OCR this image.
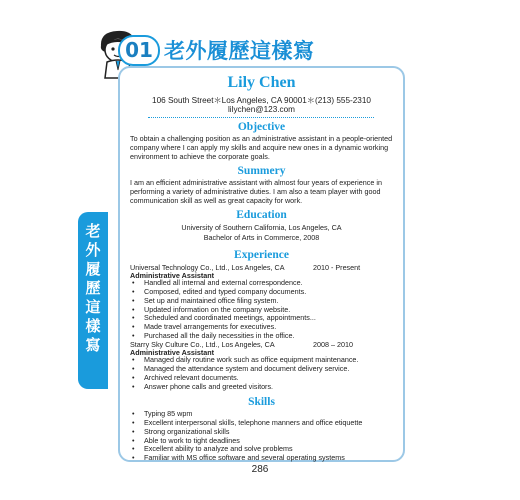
01 老外履歷這樣寫
老
外
履
歷
這
樣
寫
Lily Chen
106 South Street＊Los Angeles, CA 90001＊(213) 555-2310
lilychen@123.com
Objective
To obtain a challenging position as an administrative assistant in a people-oriented company where I can apply my skills and acquire new ones in a dynamic working environment to achieve the corporate goals.
Summery
I am an efficient administrative assistant with almost four years of experience in performing a variety of administrative duties. I am also a team player with good communication skill as well as great capacity for work.
Education
University of Southern California, Los Angeles, CA
Bachelor of Arts in Commerce, 2008
Experience
Universal Technology Co., Ltd., Los Angeles, CA	2010 - Present
Administrative Assistant
• Handled all internal and external correspondence.
• Composed, edited and typed company documents.
• Set up and maintained office filing system.
• Updated information on the company website.
• Scheduled and coordinated meetings, appointments...
• Made travel arrangements for executives.
• Purchased all the daily necessities in the office.
Starry Sky Culture Co., Ltd., Los Angeles, CA	2008 – 2010
Administrative Assistant
• Managed daily routine work such as office equipment maintenance.
• Managed the attendance system and document delivery service.
• Archived relevant documents.
• Answer phone calls and greeted visitors.
Skills
• Typing 85 wpm
• Excellent interpersonal skills, telephone manners and office etiquette
• Strong organizational skills
• Able to work to tight deadlines
• Excellent ability to analyze and solve problems
• Familiar with MS office software and several operating systems
286
